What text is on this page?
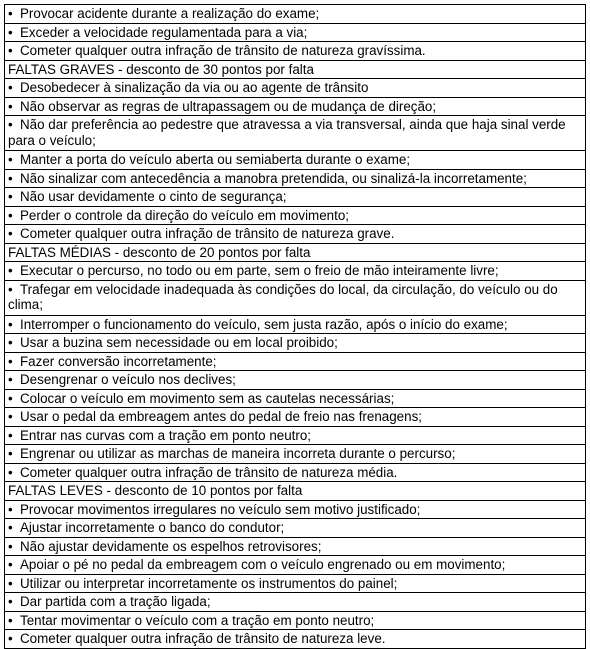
• Provocar acidente durante a realização do exame;
• Exceder a velocidade regulamentada para a via;
• Cometer qualquer outra infração de trânsito de natureza gravíssima.
FALTAS GRAVES - desconto de 30 pontos por falta
• Desobedecer à sinalização da via ou ao agente de trânsito
• Não observar as regras de ultrapassagem ou de mudança de direção;
• Não dar preferência ao pedestre que atravessa a via transversal, ainda que haja sinal verde para o veículo;
• Manter a porta do veículo aberta ou semiaberta durante o exame;
• Não sinalizar com antecedência a manobra pretendida, ou sinalizá-la incorretamente;
• Não usar devidamente o cinto de segurança;
• Perder o controle da direção do veículo em movimento;
• Cometer qualquer outra infração de trânsito de natureza grave.
FALTAS MÉDIAS - desconto de 20 pontos por falta
• Executar o percurso, no todo ou em parte, sem o freio de mão inteiramente livre;
• Trafegar em velocidade inadequada às condições do local, da circulação, do veículo ou do clima;
• Interromper o funcionamento do veículo, sem justa razão, após o início do exame;
• Usar a buzina sem necessidade ou em local proibido;
• Fazer conversão incorretamente;
• Desengrenar o veículo nos declives;
• Colocar o veículo em movimento sem as cautelas necessárias;
• Usar o pedal da embreagem antes do pedal de freio nas frenagens;
• Entrar nas curvas com a tração em ponto neutro;
• Engrenar ou utilizar as marchas de maneira incorreta durante o percurso;
• Cometer qualquer outra infração de trânsito de natureza média.
FALTAS LEVES - desconto de 10 pontos por falta
• Provocar movimentos irregulares no veículo sem motivo justificado;
• Ajustar incorretamente o banco do condutor;
• Não ajustar devidamente os espelhos retrovisores;
• Apoiar o pé no pedal da embreagem com o veículo engrenado ou em movimento;
• Utilizar ou interpretar incorretamente os instrumentos do painel;
• Dar partida com a tração ligada;
• Tentar movimentar o veículo com a tração em ponto neutro;
• Cometer qualquer outra infração de trânsito de natureza leve.
